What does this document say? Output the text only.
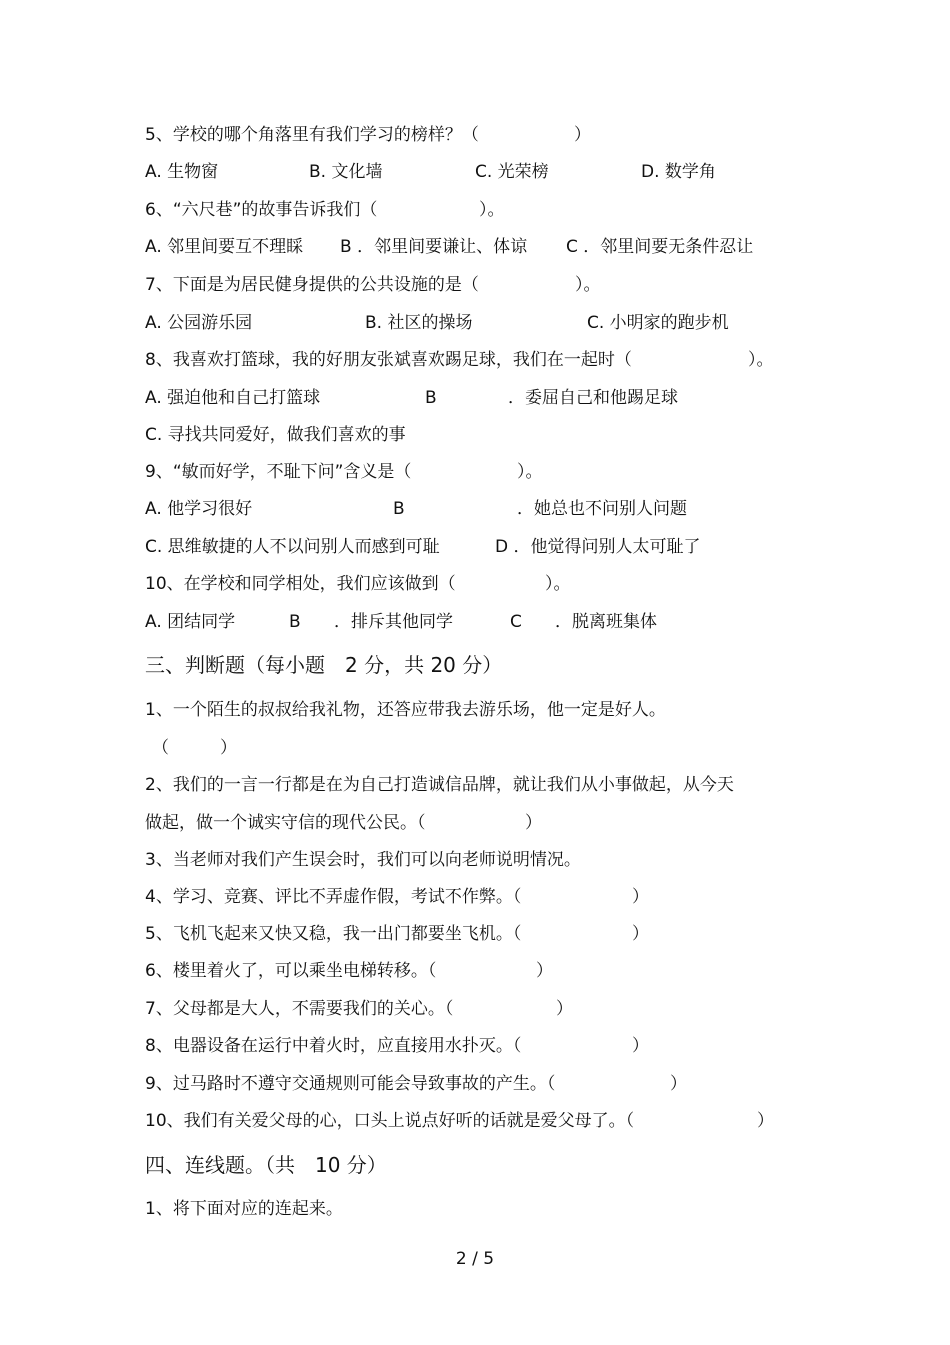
5、学校的哪个角落里有我们学习的榜样？（	）
A. 生物窗	B. 文化墙	C. 光荣榜	D. 数学角
6、“六尺巷”的故事告诉我们（	）。
A. 邻里间要互不理睬 B ．邻里间要谦让、体谅 C ．邻里间要无条件忍让
7、下面是为居民健身提供的公共设施的是（	）。
A. 公园游乐园	B. 社区的操场	C. 小明家的跑步机
8、我喜欢打篮球，我的好朋友张斌喜欢踢足球，我们在一起时（	）。
A. 强迫他和自己打篮球	B	．委屈自己和他踢足球
C. 寻找共同爱好，做我们喜欢的事
9、“敏而好学，不耻下问”含义是（	）。
A. 他学习很好	B	．她总也不问别人问题
C. 思维敏捷的人不以问别人而感到可耻	D ．他觉得问别人太可耻了
10、在学校和同学相处，我们应该做到（	）。
A. 团结同学	B ．排斥其他同学	C ．脱离班集体
三、判断题（每小题　2 分，共 20 分）
1、一个陌生的叔叔给我礼物，还答应带我去游乐场，他一定是好人。
（　　　）
2、我们的一言一行都是在为自己打造诚信品牌，就让我们从小事做起，从今天
做起，做一个诚实守信的现代公民。（	）
3、当老师对我们产生误会时，我们可以向老师说明情况。
4、学习、竞赛、评比不弄虚作假，考试不作弊。（	）
5、飞机飞起来又快又稳，我一出门都要坐飞机。（	）
6、楼里着火了，可以乘坐电梯转移。（	）
7、父母都是大人，不需要我们的关心。（	）
8、电器设备在运行中着火时，应直接用水扑灭。（	）
9、过马路时不遵守交通规则可能会导致事故的产生。（	）
10、我们有关爱父母的心，口头上说点好听的话就是爱父母了。（	）
四、连线题。（共　10 分）
1、将下面对应的连起来。
2 / 5
